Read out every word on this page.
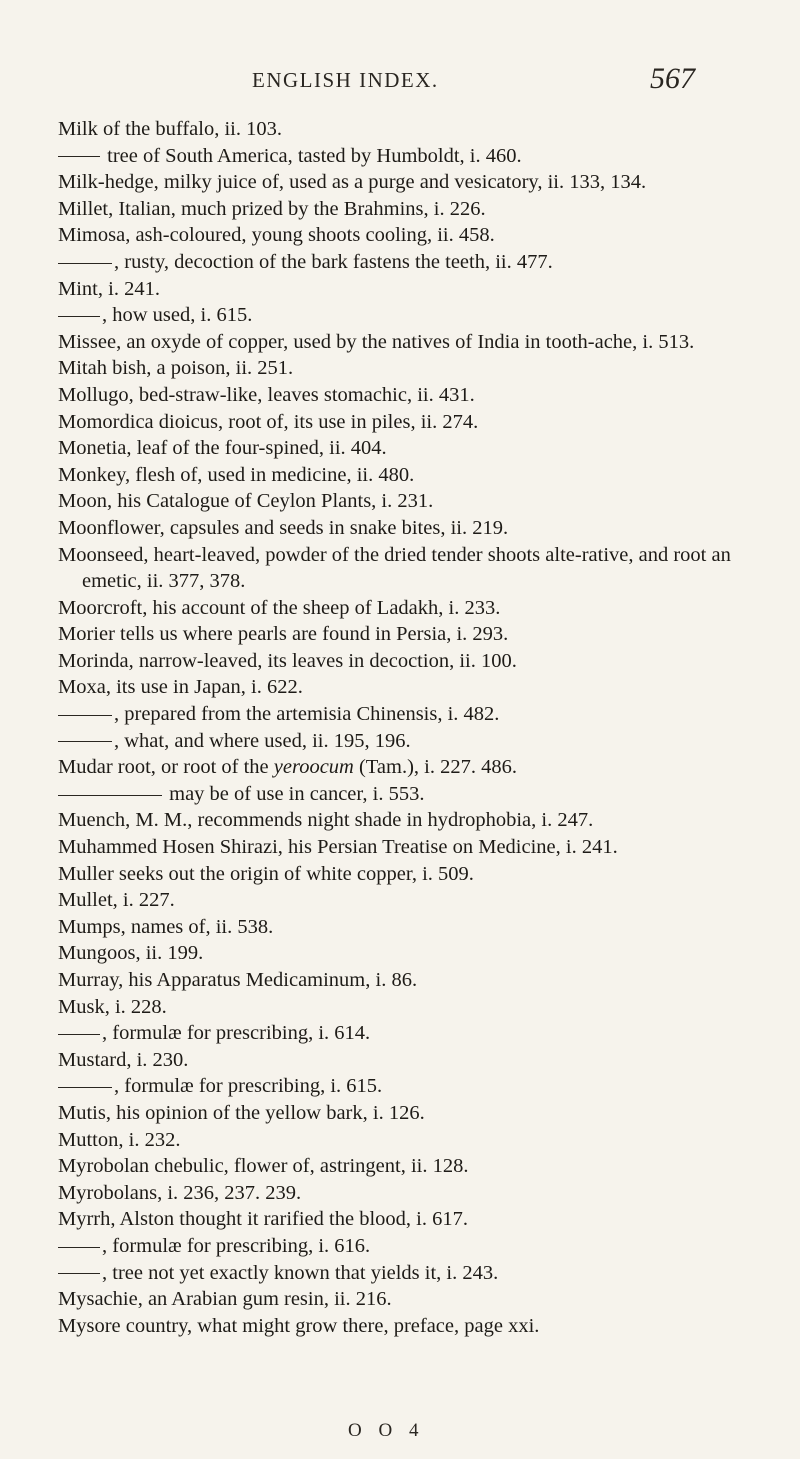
ENGLISH INDEX.	567

Milk of the buffalo, ii. 103.

tree of South America, tasted by Humboldt, i. 460.

Milk-hedge, milky juice of, used as a purge and vesicatory, ii. 133, 134.

Millet, Italian, much prized by the Brahmins, i. 226.

Mimosa, ash-coloured, young shoots cooling, ii. 458.

, rusty, decoction of the bark fastens the teeth, ii. 477.

Mint, i. 241.

, how used, i. 615.

Missee, an oxyde of copper, used by the natives of India in tooth-ache, i. 513.

Mitah bish, a poison, ii. 251.

Mollugo, bed-straw-like, leaves stomachic, ii. 431.

Momordica dioicus, root of, its use in piles, ii. 274.

Monetia, leaf of the four-spined, ii. 404.

Monkey, flesh of, used in medicine, ii. 480.

Moon, his Catalogue of Ceylon Plants, i. 231.

Moonflower, capsules and seeds in snake bites, ii. 219.

Moonseed, heart-leaved, powder of the dried tender shoots alte-rative, and root an emetic, ii. 377, 378.

Moorcroft, his account of the sheep of Ladakh, i. 233.

Morier tells us where pearls are found in Persia, i. 293.

Morinda, narrow-leaved, its leaves in decoction, ii. 100.

Moxa, its use in Japan, i. 622.

, prepared from the artemisia Chinensis, i. 482.

, what, and where used, ii. 195, 196.

Mudar root, or root of the yeroocum (Tam.), i. 227. 486.

may be of use in cancer, i. 553.

Muench, M. M., recommends night shade in hydrophobia, i. 247.

Muhammed Hosen Shirazi, his Persian Treatise on Medicine, i. 241.

Muller seeks out the origin of white copper, i. 509.

Mullet, i. 227.

Mumps, names of, ii. 538.

Mungoos, ii. 199.

Murray, his Apparatus Medicaminum, i. 86.

Musk, i. 228.

, formulæ for prescribing, i. 614.

Mustard, i. 230.

, formulæ for prescribing, i. 615.

Mutis, his opinion of the yellow bark, i. 126.

Mutton, i. 232.

Myrobolan chebulic, flower of, astringent, ii. 128.

Myrobolans, i. 236, 237. 239.

Myrrh, Alston thought it rarified the blood, i. 617.

, formulæ for prescribing, i. 616.

, tree not yet exactly known that yields it, i. 243.

Mysachie, an Arabian gum resin, ii. 216.

Mysore country, what might grow there, preface, page xxi.

O O 4
